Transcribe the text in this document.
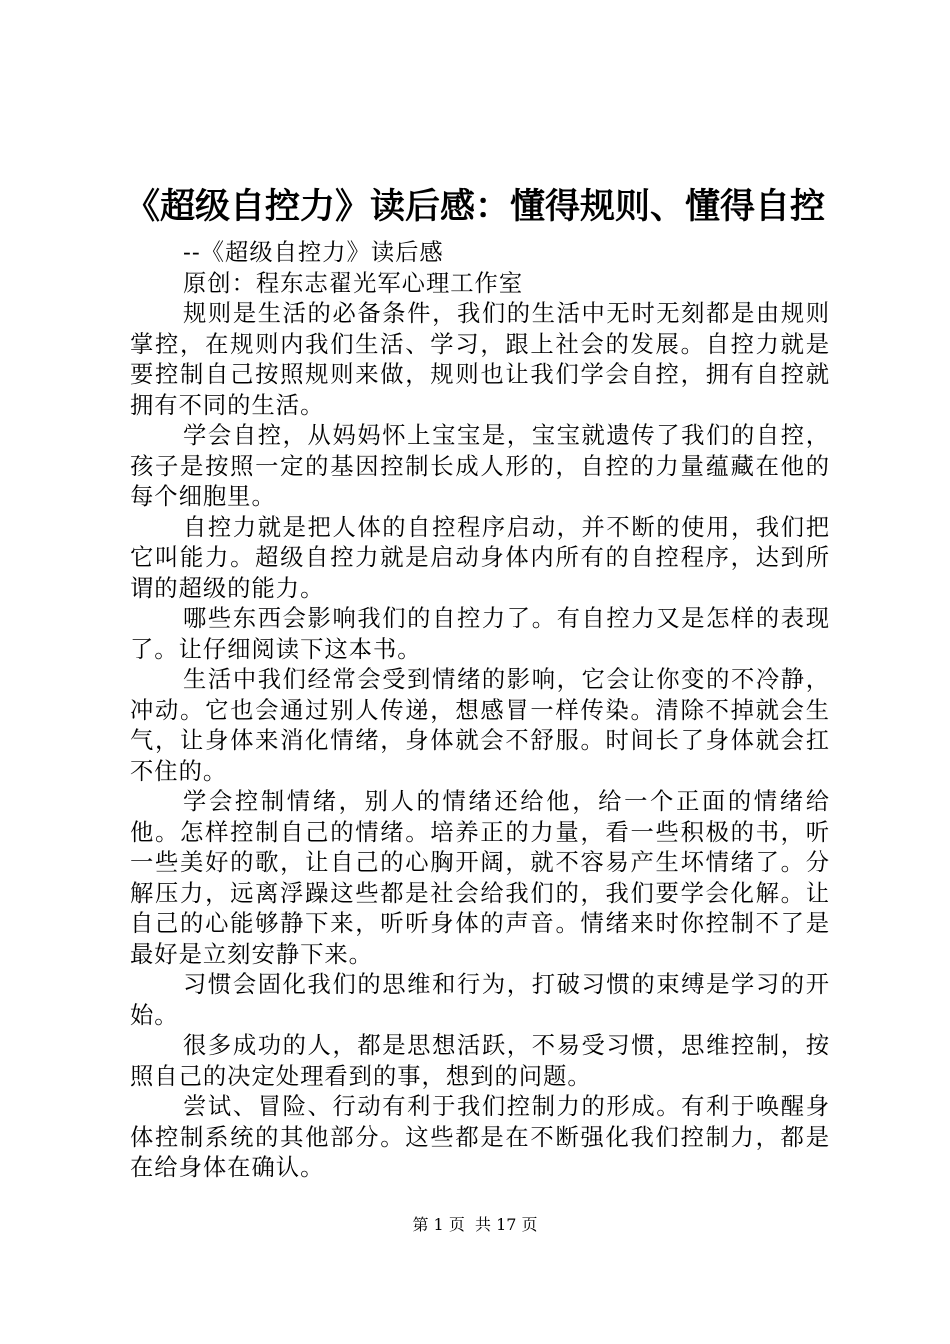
《超级自控力》读后感：懂得规则、懂得自控

--《超级自控力》读后感

原创：程东志翟光军心理工作室

规则是生活的必备条件，我们的生活中无时无刻都是由规则掌控，在规则内我们生活、学习，跟上社会的发展。自控力就是要控制自己按照规则来做，规则也让我们学会自控，拥有自控就拥有不同的生活。

学会自控，从妈妈怀上宝宝是，宝宝就遗传了我们的自控，孩子是按照一定的基因控制长成人形的，自控的力量蕴藏在他的每个细胞里。

自控力就是把人体的自控程序启动，并不断的使用，我们把它叫能力。超级自控力就是启动身体内所有的自控程序，达到所谓的超级的能力。

哪些东西会影响我们的自控力了。有自控力又是怎样的表现了。让仔细阅读下这本书。

生活中我们经常会受到情绪的影响，它会让你变的不冷静，冲动。它也会通过别人传递，想感冒一样传染。清除不掉就会生气，让身体来消化情绪，身体就会不舒服。时间长了身体就会扛不住的。

学会控制情绪，别人的情绪还给他，给一个正面的情绪给他。怎样控制自己的情绪。培养正的力量，看一些积极的书，听一些美好的歌，让自己的心胸开阔，就不容易产生坏情绪了。分解压力，远离浮躁这些都是社会给我们的，我们要学会化解。让自己的心能够静下来，听听身体的声音。情绪来时你控制不了是最好是立刻安静下来。

习惯会固化我们的思维和行为，打破习惯的束缚是学习的开始。

很多成功的人，都是思想活跃，不易受习惯，思维控制，按照自己的决定处理看到的事，想到的问题。

尝试、冒险、行动有利于我们控制力的形成。有利于唤醒身体控制系统的其他部分。这些都是在不断强化我们控制力，都是在给身体在确认。

第 1 页  共 17 页
